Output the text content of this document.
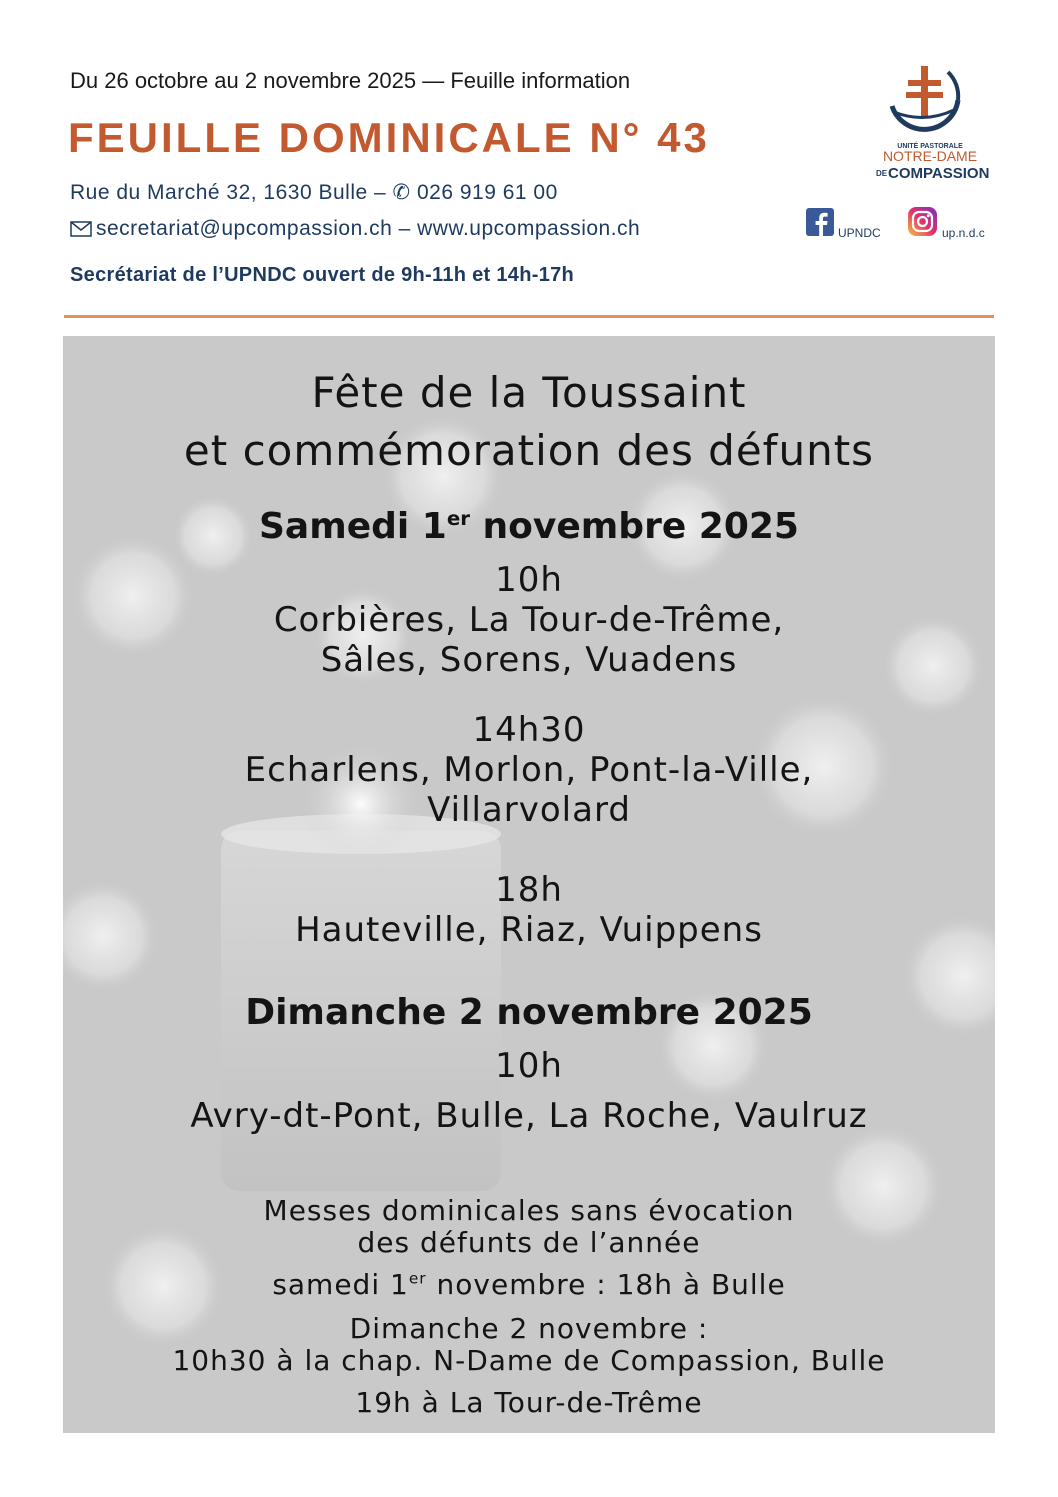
Du 26 octobre au 2 novembre 2025 — Feuille information
FEUILLE DOMINICALE N° 43
Rue du Marché 32, 1630 Bulle – ✆ 026 919 61 00
secretariat@upcompassion.ch – www.upcompassion.ch
Secrétariat de l’UPNDC ouvert de 9h-11h et 14h-17h
UNITÉ PASTORALE
NOTRE-DAME
DE COMPASSION
UPNDC	up.n.d.c
Fête de la Toussaint
et commémoration des défunts
Samedi 1er novembre 2025
10h
Corbières, La Tour-de-Trême,
Sâles, Sorens, Vuadens
14h30
Echarlens, Morlon, Pont-la-Ville,
Villarvolard
18h
Hauteville, Riaz, Vuippens
Dimanche 2 novembre 2025
10h
Avry-dt-Pont, Bulle, La Roche, Vaulruz
Messes dominicales sans évocation
des défunts de l’année
samedi 1er novembre : 18h à Bulle
Dimanche 2 novembre :
10h30 à la chap. N-Dame de Compassion, Bulle
19h à La Tour-de-Trême
